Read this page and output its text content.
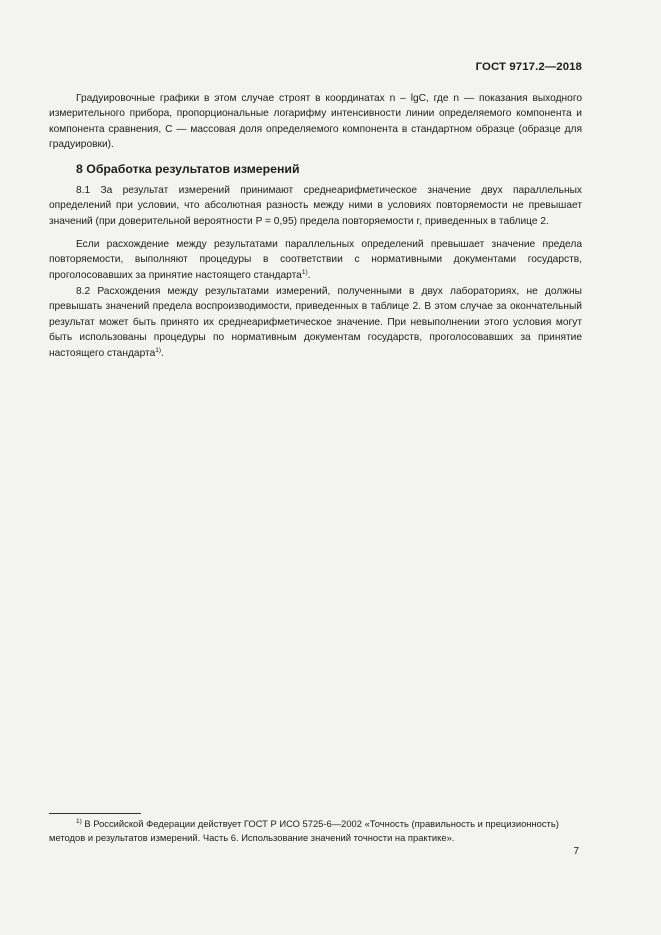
ГОСТ 9717.2—2018

Градуировочные графики в этом случае строят в координатах n – lgC, где n — показания выходного измерительного прибора, пропорциональные логарифму интенсивности линии определяемого компонента и компонента сравнения, C — массовая доля определяемого компонента в стандартном образце (образце для градуировки).

8 Обработка результатов измерений

8.1 За результат измерений принимают среднеарифметическое значение двух параллельных определений при условии, что абсолютная разность между ними в условиях повторяемости не превышает значений (при доверительной вероятности P = 0,95) предела повторяемости r, приведенных в таблице 2.

Если расхождение между результатами параллельных определений превышает значение предела повторяемости, выполняют процедуры в соответствии с нормативными документами государств, проголосовавших за принятие настоящего стандарта$^{1)}$.

8.2 Расхождения между результатами измерений, полученными в двух лабораториях, не должны превышать значений предела воспроизводимости, приведенных в таблице 2. В этом случае за окончательный результат может быть принято их среднеарифметическое значение. При невыполнении этого условия могут быть использованы процедуры по нормативным документам государств, проголосовавших за принятие настоящего стандарта$^{1)}$.

$^{1)}$ В Российской Федерации действует ГОСТ Р ИСО 5725-6—2002 «Точность (правильность и прецизионность) методов и результатов измерений. Часть 6. Использование значений точности на практике».

7
